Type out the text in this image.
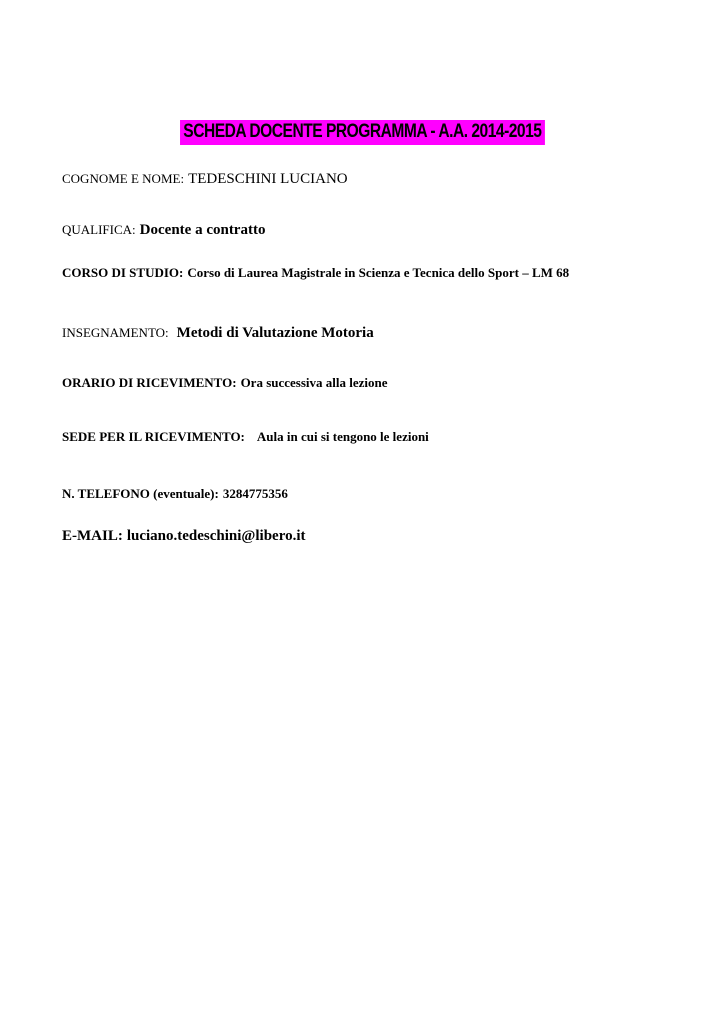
SCHEDA DOCENTE PROGRAMMA - A.A. 2014-2015
COGNOME E NOME: TEDESCHINI LUCIANO
QUALIFICA: Docente a contratto
CORSO DI STUDIO: Corso di Laurea Magistrale in Scienza e Tecnica dello Sport – LM 68
INSEGNAMENTO: Metodi di Valutazione Motoria
ORARIO DI RICEVIMENTO: Ora successiva alla lezione
SEDE PER IL RICEVIMENTO: Aula in cui si tengono le lezioni
N. TELEFONO (eventuale): 3284775356
E-MAIL: luciano.tedeschini@libero.it
